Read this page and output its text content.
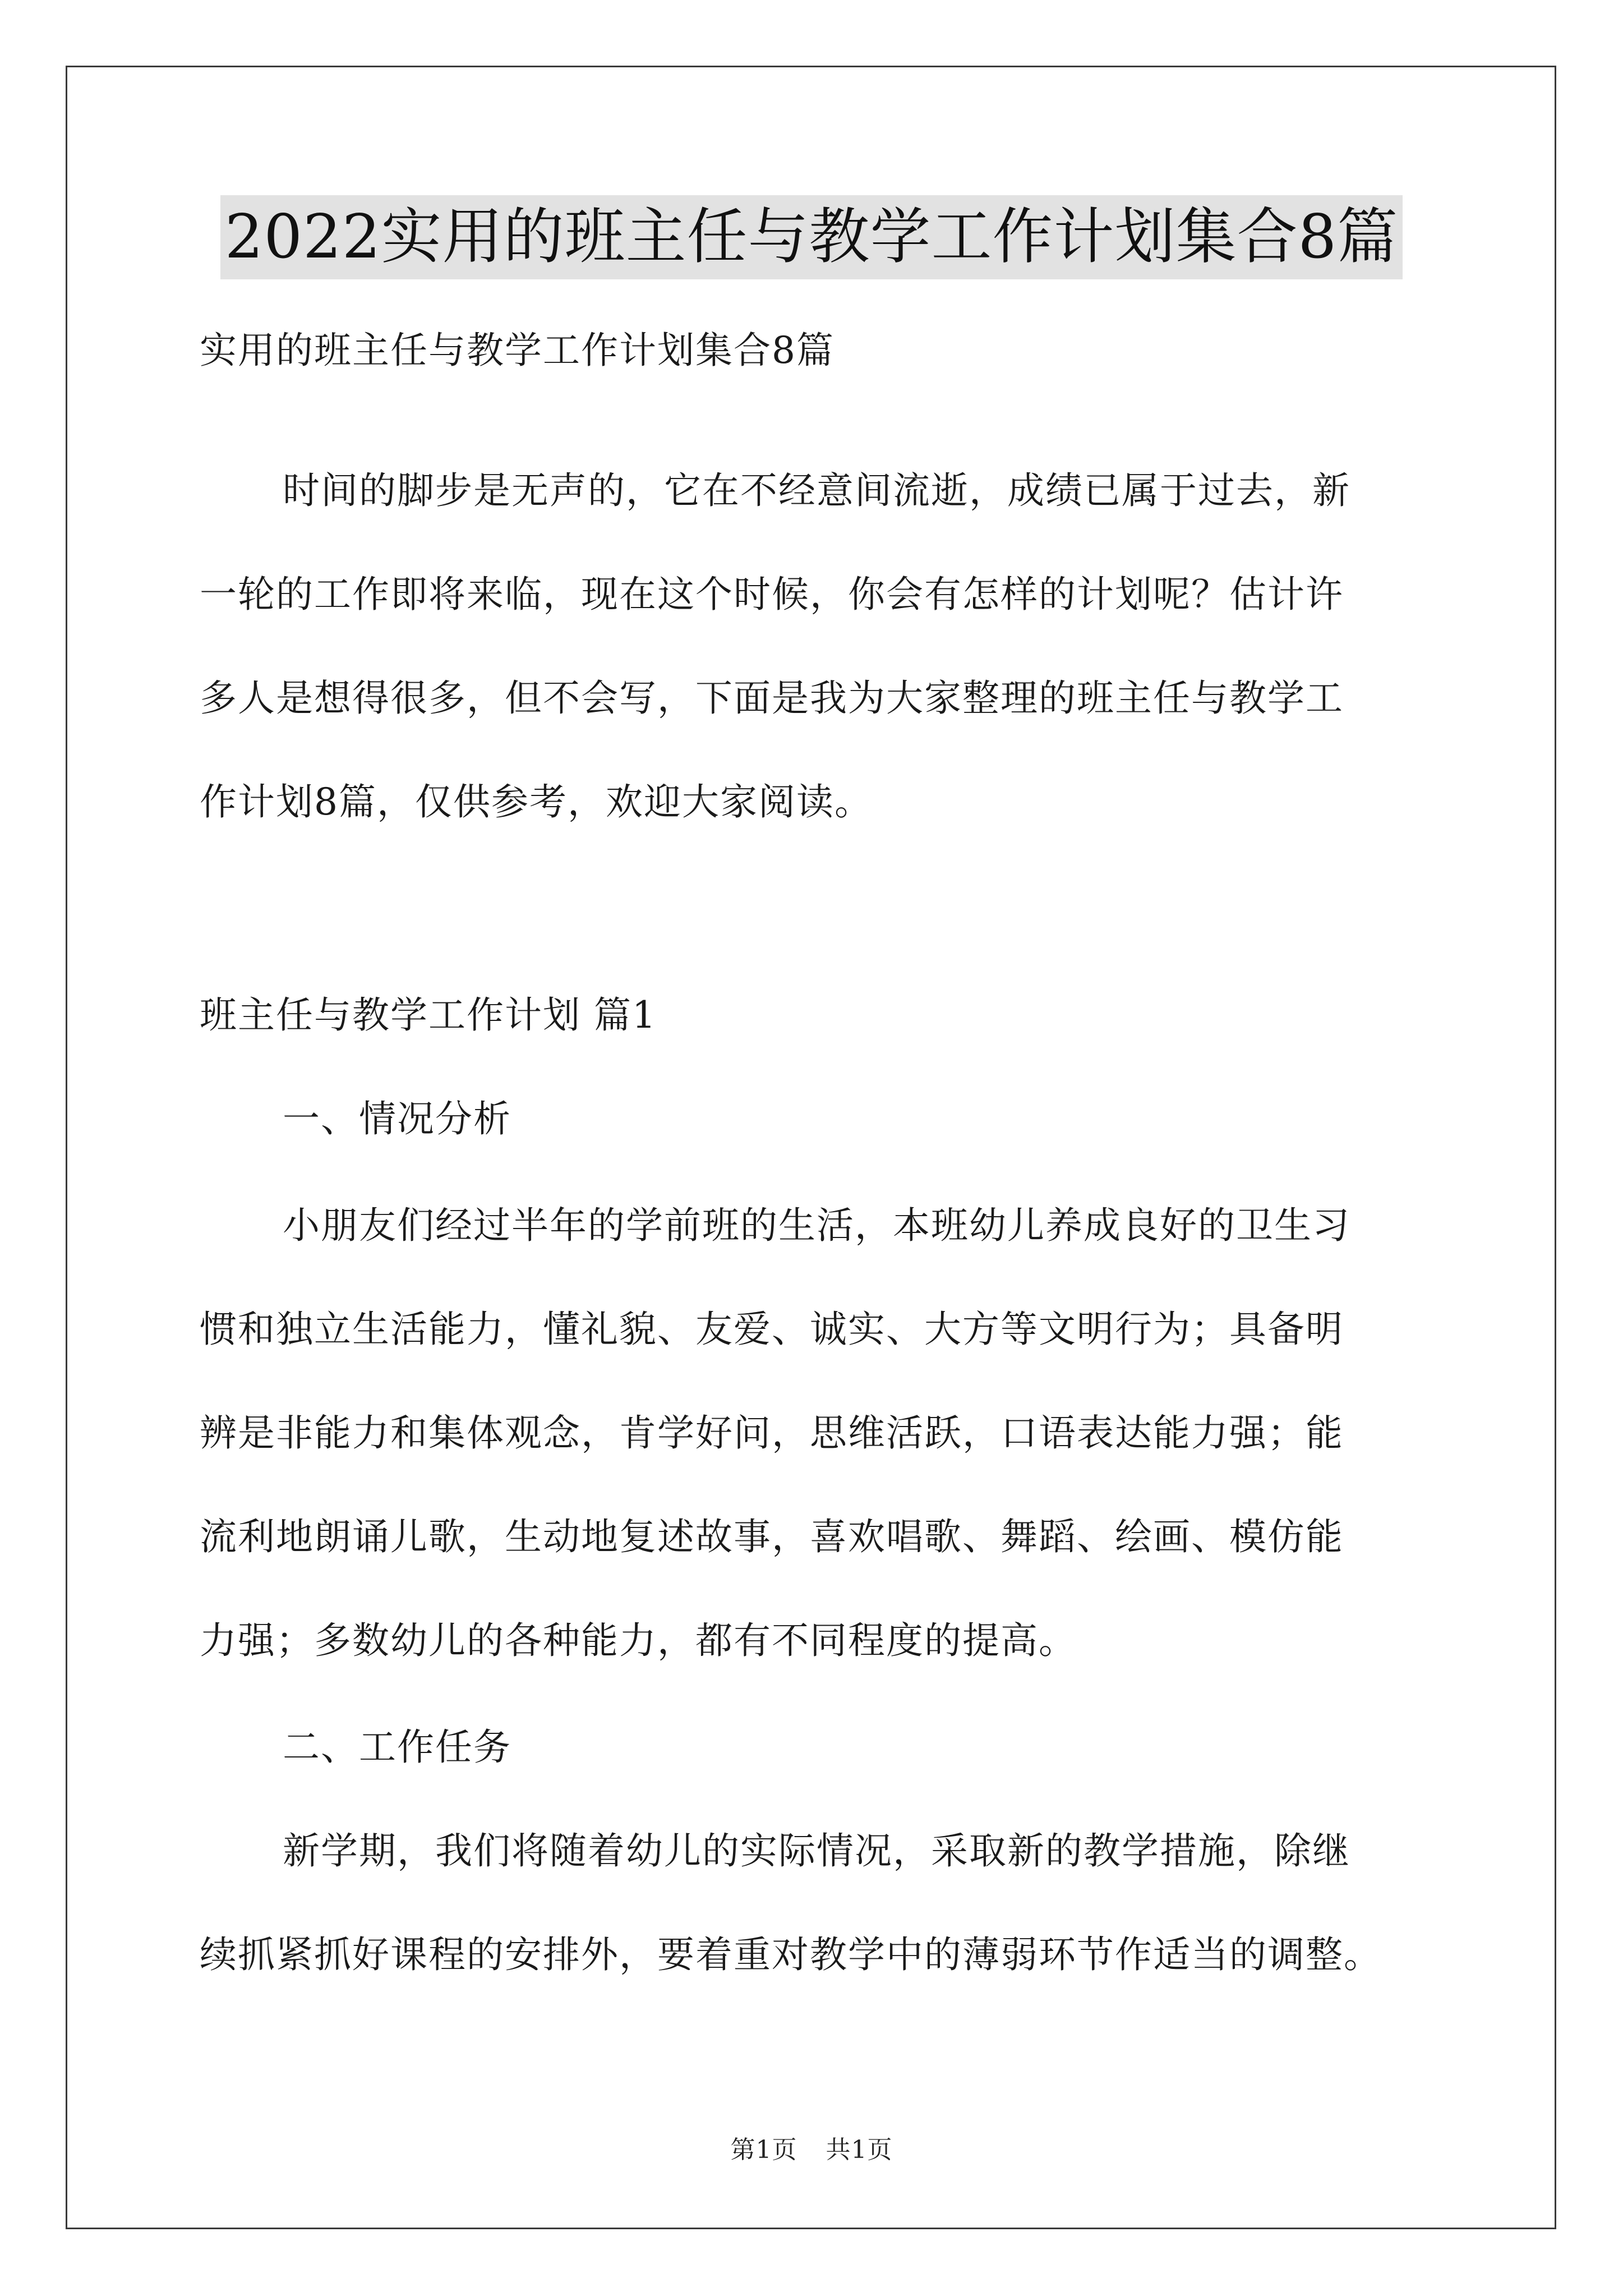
2022实用的班主任与教学工作计划集合8篇
实用的班主任与教学工作计划集合8篇
时间的脚步是无声的，它在不经意间流逝，成绩已属于过去，新
一轮的工作即将来临，现在这个时候，你会有怎样的计划呢？估计许
多人是想得很多，但不会写，下面是我为大家整理的班主任与教学工
作计划8篇，仅供参考，欢迎大家阅读。
班主任与教学工作计划 篇1
一、情况分析
小朋友们经过半年的学前班的生活，本班幼儿养成良好的卫生习
惯和独立生活能力，懂礼貌、友爱、诚实、大方等文明行为；具备明
辨是非能力和集体观念，肯学好问，思维活跃，口语表达能力强；能
流利地朗诵儿歌，生动地复述故事，喜欢唱歌、舞蹈、绘画、模仿能
力强；多数幼儿的各种能力，都有不同程度的提高。
二、工作任务
新学期，我们将随着幼儿的实际情况，采取新的教学措施，除继
续抓紧抓好课程的安排外，要着重对教学中的薄弱环节作适当的调整。
第1页 共1页
